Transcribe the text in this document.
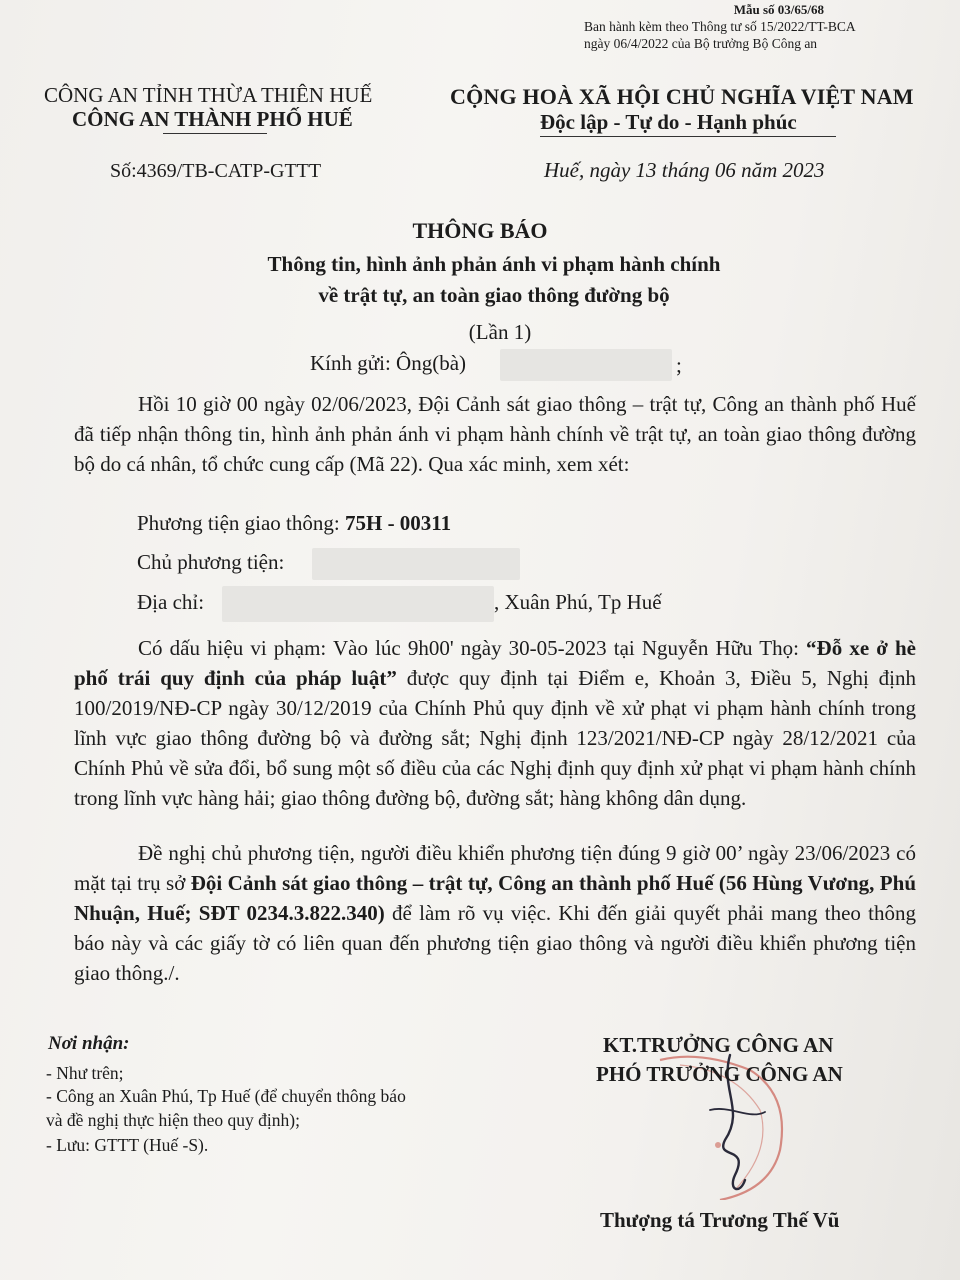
Mẫu số 03/65/68
Ban hành kèm theo Thông tư số 15/2022/TT-BCA
ngày 06/4/2022 của Bộ trưởng Bộ Công an
CÔNG AN TỈNH THỪA THIÊN HUẾ
CÔNG AN THÀNH PHỐ HUẾ
CỘNG HOÀ XÃ HỘI CHỦ NGHĨA VIỆT NAM
Độc lập - Tự do - Hạnh phúc
Số:4369/TB-CATP-GTTT	Huế, ngày 13 tháng 06 năm 2023
THÔNG BÁO
Thông tin, hình ảnh phản ánh vi phạm hành chính
về trật tự, an toàn giao thông đường bộ
(Lần 1)
Kính gửi: Ông(bà)	;
Hồi 10 giờ 00 ngày 02/06/2023, Đội Cảnh sát giao thông – trật tự, Công an thành phố Huế đã tiếp nhận thông tin, hình ảnh phản ánh vi phạm hành chính về trật tự, an toàn giao thông đường bộ do cá nhân, tổ chức cung cấp (Mã 22). Qua xác minh, xem xét:
Phương tiện giao thông: 75H - 00311
Chủ phương tiện:
Địa chỉ:	, Xuân Phú, Tp Huế
Có dấu hiệu vi phạm: Vào lúc 9h00' ngày 30-05-2023 tại Nguyễn Hữu Thọ: “Đỗ xe ở hè phố trái quy định của pháp luật” được quy định tại Điểm e, Khoản 3, Điều 5, Nghị định 100/2019/NĐ-CP ngày 30/12/2019 của Chính Phủ quy định về xử phạt vi phạm hành chính trong lĩnh vực giao thông đường bộ và đường sắt; Nghị định 123/2021/NĐ-CP ngày 28/12/2021 của Chính Phủ về sửa đổi, bổ sung một số điều của các Nghị định quy định xử phạt vi phạm hành chính trong lĩnh vực hàng hải; giao thông đường bộ, đường sắt; hàng không dân dụng.
Đề nghị chủ phương tiện, người điều khiển phương tiện đúng 9 giờ 00’ ngày 23/06/2023 có mặt tại trụ sở Đội Cảnh sát giao thông – trật tự, Công an thành phố Huế (56 Hùng Vương, Phú Nhuận, Huế; SĐT 0234.3.822.340) để làm rõ vụ việc. Khi đến giải quyết phải mang theo thông báo này và các giấy tờ có liên quan đến phương tiện giao thông và người điều khiển phương tiện giao thông./.
Nơi nhận:
- Như trên;
- Công an Xuân Phú, Tp Huế (để chuyển thông báo
và đề nghị thực hiện theo quy định);
- Lưu: GTTT (Huế -S).
KT.TRƯỞNG CÔNG AN
PHÓ TRƯỞNG CÔNG AN
Thượng tá Trương Thế Vũ
